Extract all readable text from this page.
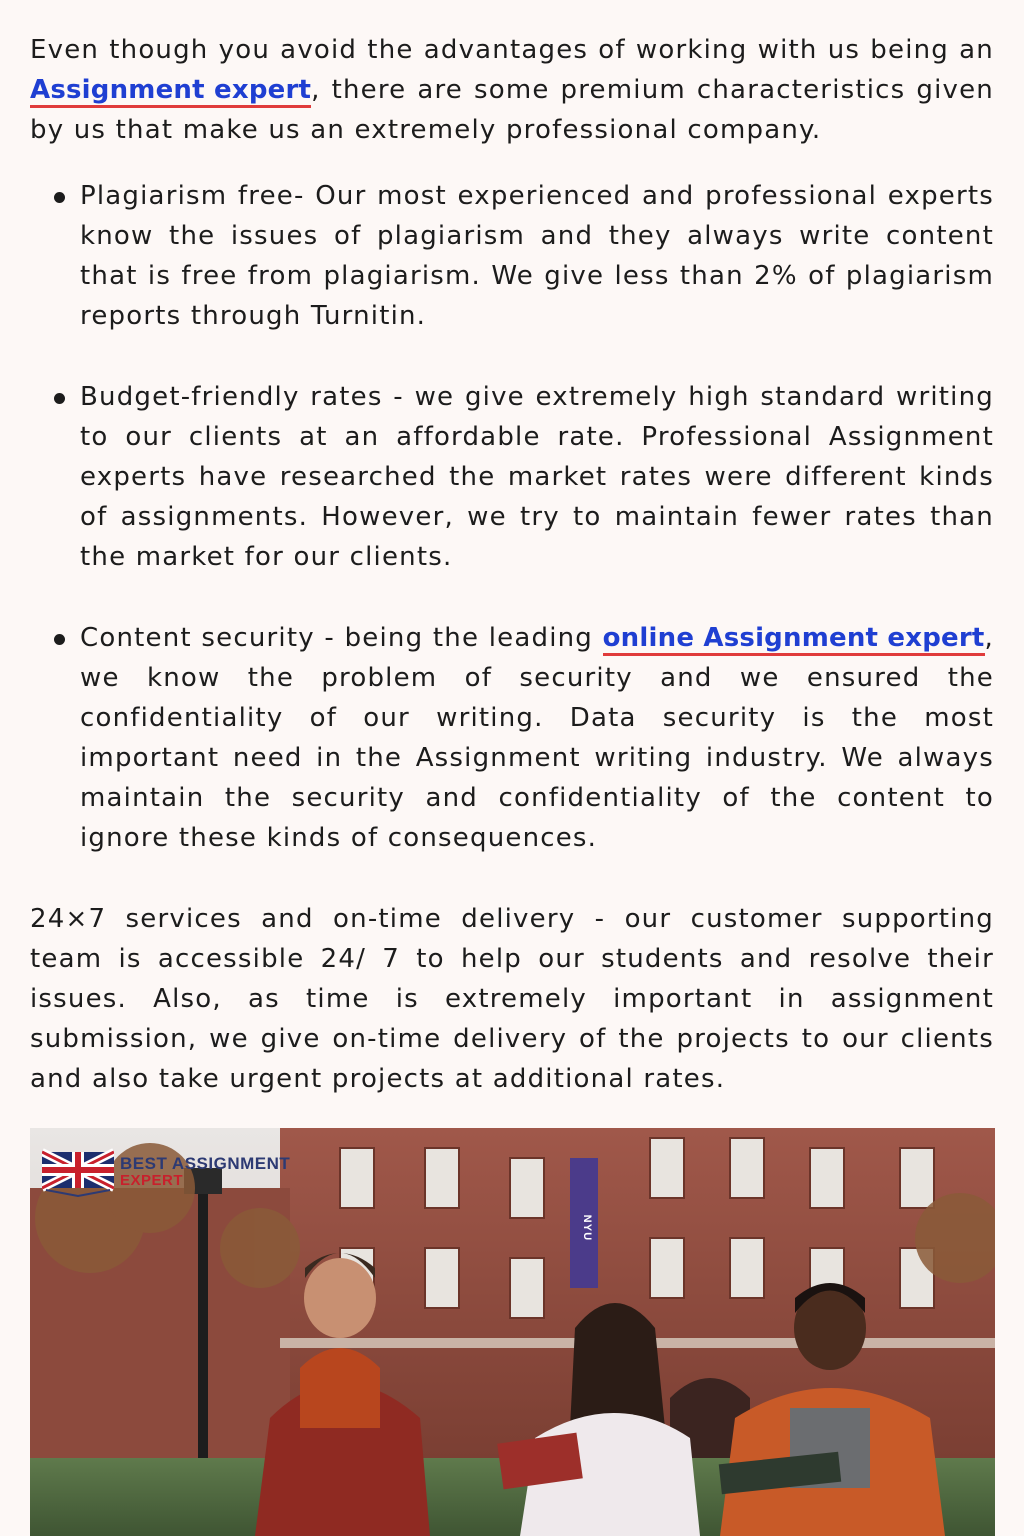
Even though you avoid the advantages of working with us being an Assignment expert, there are some premium characteristics given by us that make us an extremely professional company.

Plagiarism free- Our most experienced and professional experts know the issues of plagiarism and they always write content that is free from plagiarism. We give less than 2% of plagiarism reports through Turnitin.
Budget-friendly rates - we give extremely high standard writing to our clients at an affordable rate. Professional Assignment experts have researched the market rates were different kinds of assignments. However, we try to maintain fewer rates than the market for our clients.
Content security - being the leading online Assignment expert, we know the problem of security and we ensured the confidentiality of our writing. Data security is the most important need in the Assignment writing industry. We always maintain the security and confidentiality of the content to ignore these kinds of consequences.

24×7 services and on-time delivery - our customer supporting team is accessible 24/ 7 to help our students and resolve their issues. Also, as time is extremely important in assignment submission, we give on-time delivery of the projects to our clients and also take urgent projects at additional rates.

NYU
BEST ASSIGNMENT
EXPERT
